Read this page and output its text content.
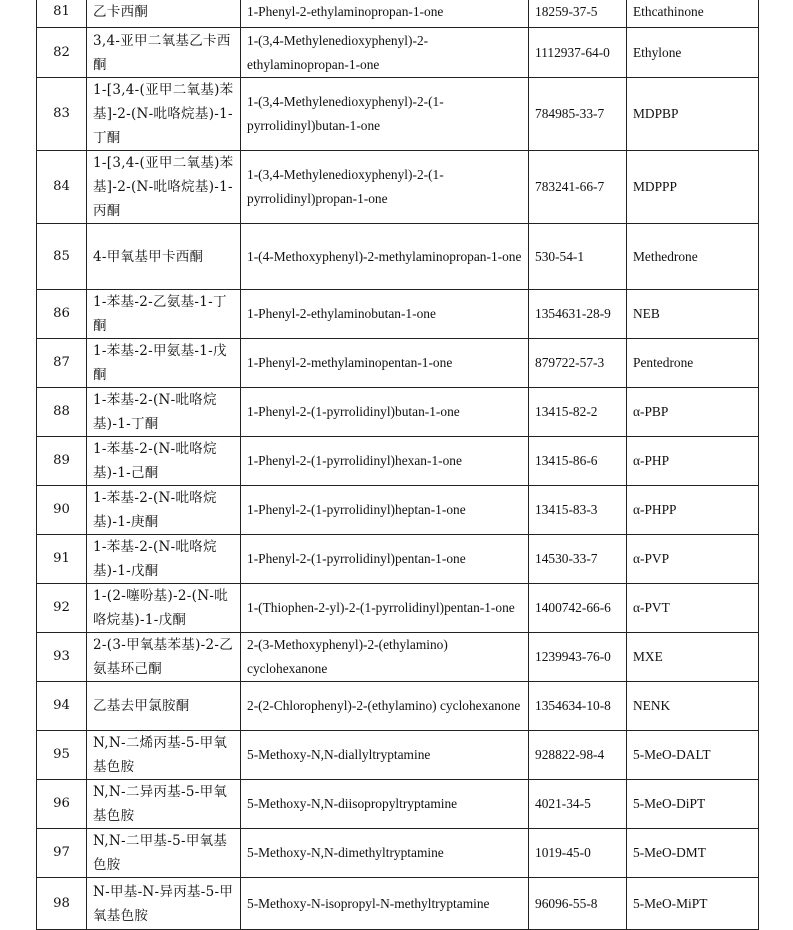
81	乙卡西酮	1-Phenyl-2-ethylaminopropan-1-one	18259-37-5	Ethcathinone
82	3,4-亚甲二氧基乙卡西酮	1-(3,4-Methylenedioxyphenyl)-2-ethylaminopropan-1-one	1112937-64-0	Ethylone
83	1-[3,4-(亚甲二氧基)苯基]-2-(N-吡咯烷基)-1-丁酮	1-(3,4-Methylenedioxyphenyl)-2-(1-pyrrolidinyl)butan-1-one	784985-33-7	MDPBP
84	1-[3,4-(亚甲二氧基)苯基]-2-(N-吡咯烷基)-1-丙酮	1-(3,4-Methylenedioxyphenyl)-2-(1-pyrrolidinyl)propan-1-one	783241-66-7	MDPPP
85	4-甲氧基甲卡西酮	1-(4-Methoxyphenyl)-2-methylaminopropan-1-one	530-54-1	Methedrone
86	1-苯基-2-乙氨基-1-丁酮	1-Phenyl-2-ethylaminobutan-1-one	1354631-28-9	NEB
87	1-苯基-2-甲氨基-1-戊酮	1-Phenyl-2-methylaminopentan-1-one	879722-57-3	Pentedrone
88	1-苯基-2-(N-吡咯烷基)-1-丁酮	1-Phenyl-2-(1-pyrrolidinyl)butan-1-one	13415-82-2	α-PBP
89	1-苯基-2-(N-吡咯烷基)-1-己酮	1-Phenyl-2-(1-pyrrolidinyl)hexan-1-one	13415-86-6	α-PHP
90	1-苯基-2-(N-吡咯烷基)-1-庚酮	1-Phenyl-2-(1-pyrrolidinyl)heptan-1-one	13415-83-3	α-PHPP
91	1-苯基-2-(N-吡咯烷基)-1-戊酮	1-Phenyl-2-(1-pyrrolidinyl)pentan-1-one	14530-33-7	α-PVP
92	1-(2-噻吩基)-2-(N-吡咯烷基)-1-戊酮	1-(Thiophen-2-yl)-2-(1-pyrrolidinyl)pentan-1-one	1400742-66-6	α-PVT
93	2-(3-甲氧基苯基)-2-乙氨基环己酮	2-(3-Methoxyphenyl)-2-(ethylamino) cyclohexanone	1239943-76-0	MXE
94	乙基去甲氯胺酮	2-(2-Chlorophenyl)-2-(ethylamino) cyclohexanone	1354634-10-8	NENK
95	N,N-二烯丙基-5-甲氧基色胺	5-Methoxy-N,N-diallyltryptamine	928822-98-4	5-MeO-DALT
96	N,N-二异丙基-5-甲氧基色胺	5-Methoxy-N,N-diisopropyltryptamine	4021-34-5	5-MeO-DiPT
97	N,N-二甲基-5-甲氧基色胺	5-Methoxy-N,N-dimethyltryptamine	1019-45-0	5-MeO-DMT
98	N-甲基-N-异丙基-5-甲氧基色胺	5-Methoxy-N-isopropyl-N-methyltryptamine	96096-55-8	5-MeO-MiPT
